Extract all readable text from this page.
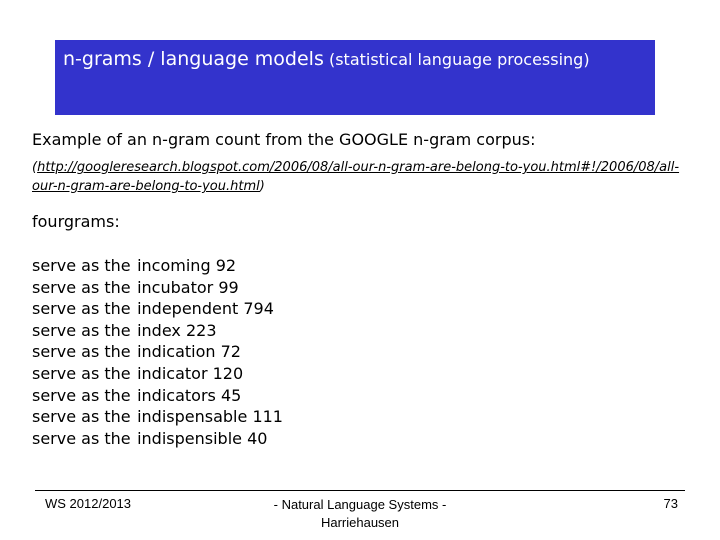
n-grams / language models (statistical language processing)
Example of an n-gram count from the GOOGLE n-gram corpus:
(http://googleresearch.blogspot.com/2006/08/all-our-n-gram-are-belong-to-you.html#!/2006/08/all-our-n-gram-are-belong-to-you.html)
fourgrams:
serve as the
incoming
92
serve as the
incubator
99
serve as the
independent
794
serve as the
index
223
serve as the
indication
72
serve as the
indicator
120
serve as the
indicators
45
serve as the
indispensable
111
serve as the
indispensible
40
WS 2012/2013	- Natural Language Systems - Harriehausen
73
